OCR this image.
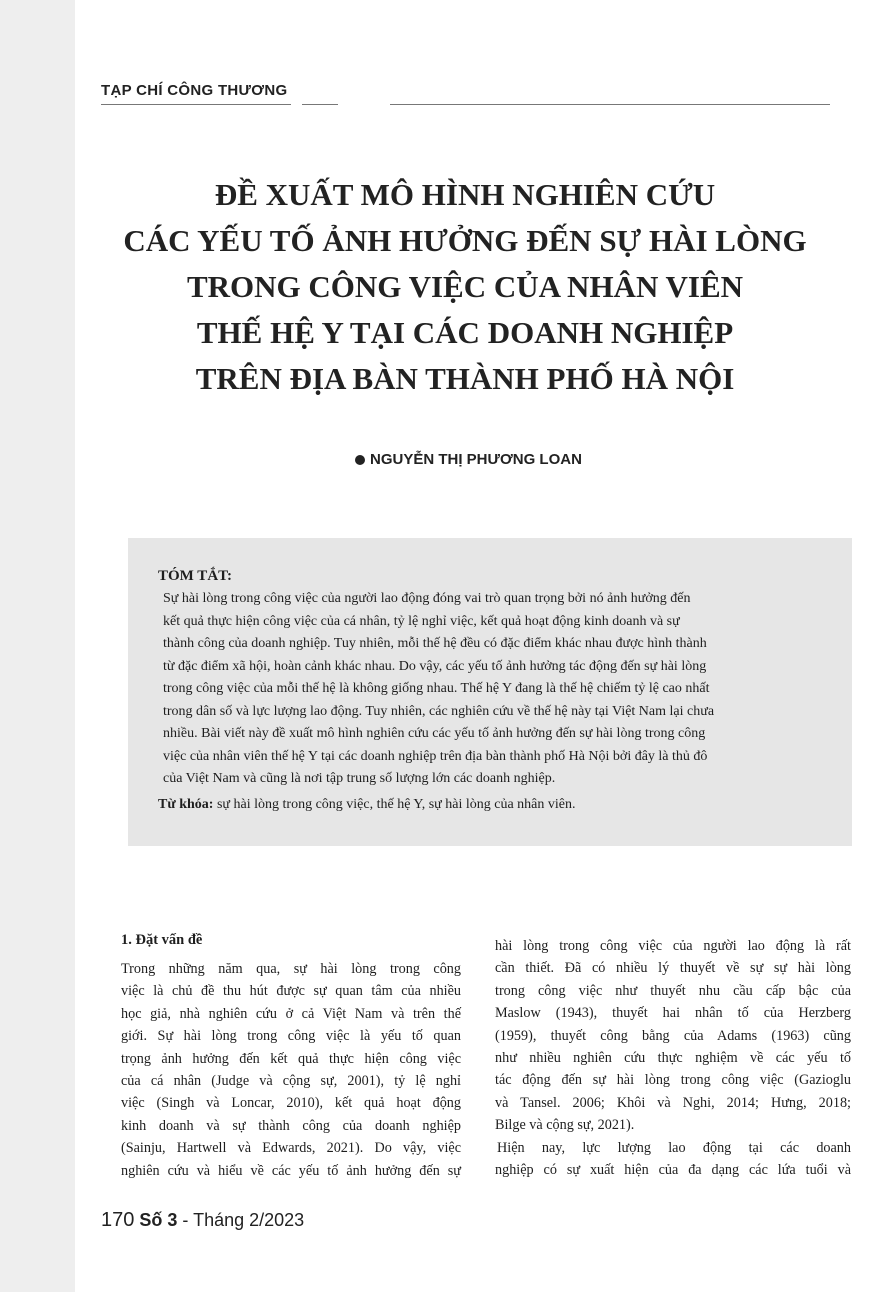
TẠP CHÍ CÔNG THƯƠNG
ĐỀ XUẤT MÔ HÌNH NGHIÊN CỨU
CÁC YẾU TỐ ẢNH HƯỞNG ĐẾN SỰ HÀI LÒNG
TRONG CÔNG VIỆC CỦA NHÂN VIÊN
THẾ HỆ Y TẠI CÁC DOANH NGHIỆP
TRÊN ĐỊA BÀN THÀNH PHỐ HÀ NỘI
NGUYỄN THỊ PHƯƠNG LOAN
TÓM TẮT:
Sự hài lòng trong công việc của người lao động đóng vai trò quan trọng bởi nó ảnh hưởng đến
kết quả thực hiện công việc của cá nhân, tỷ lệ nghỉ việc, kết quả hoạt động kinh doanh và sự
thành công của doanh nghiệp. Tuy nhiên, mỗi thế hệ đều có đặc điểm khác nhau được hình thành
từ đặc điểm xã hội, hoàn cảnh khác nhau. Do vậy, các yếu tố ảnh hưởng tác động đến sự hài lòng
trong công việc của mỗi thế hệ là không giống nhau. Thế hệ Y đang là thế hệ chiếm tỷ lệ cao nhất
trong dân số và lực lượng lao động. Tuy nhiên, các nghiên cứu về thế hệ này tại Việt Nam lại chưa
nhiều. Bài viết này đề xuất mô hình nghiên cứu các yếu tố ảnh hưởng đến sự hài lòng trong công
việc của nhân viên thế hệ Y tại các doanh nghiệp trên địa bàn thành phố Hà Nội bởi đây là thủ đô
của Việt Nam và cũng là nơi tập trung số lượng lớn các doanh nghiệp.
Từ khóa: sự hài lòng trong công việc, thế hệ Y, sự hài lòng của nhân viên.
1. Đặt vấn đề
Trong những năm qua, sự hài lòng trong công
việc là chủ đề thu hút được sự quan tâm của nhiều
học giả, nhà nghiên cứu ở cả Việt Nam và trên thế
giới. Sự hài lòng trong công việc là yếu tố quan
trọng ảnh hưởng đến kết quả thực hiện công việc
của cá nhân (Judge và cộng sự, 2001), tỷ lệ nghỉ
việc (Singh và Loncar, 2010), kết quả hoạt động
kinh doanh và sự thành công của doanh nghiệp
(Sainju, Hartwell và Edwards, 2021). Do vậy, việc
nghiên cứu và hiểu về các yếu tố ảnh hưởng đến sự
hài lòng trong công việc của người lao động là rất
cần thiết. Đã có nhiều lý thuyết về sự sự hài lòng
trong công việc như thuyết nhu cầu cấp bậc của
Maslow (1943), thuyết hai nhân tố của Herzberg
(1959), thuyết công bằng của Adams (1963) cũng
như nhiều nghiên cứu thực nghiệm về các yếu tố
tác động đến sự hài lòng trong công việc (Gazioglu
và Tansel. 2006; Khôi và Nghi, 2014; Hưng, 2018;
Bilge và cộng sự, 2021).
Hiện nay, lực lượng lao động tại các doanh
nghiệp có sự xuất hiện của đa dạng các lứa tuổi và
170 Số 3 - Tháng 2/2023
